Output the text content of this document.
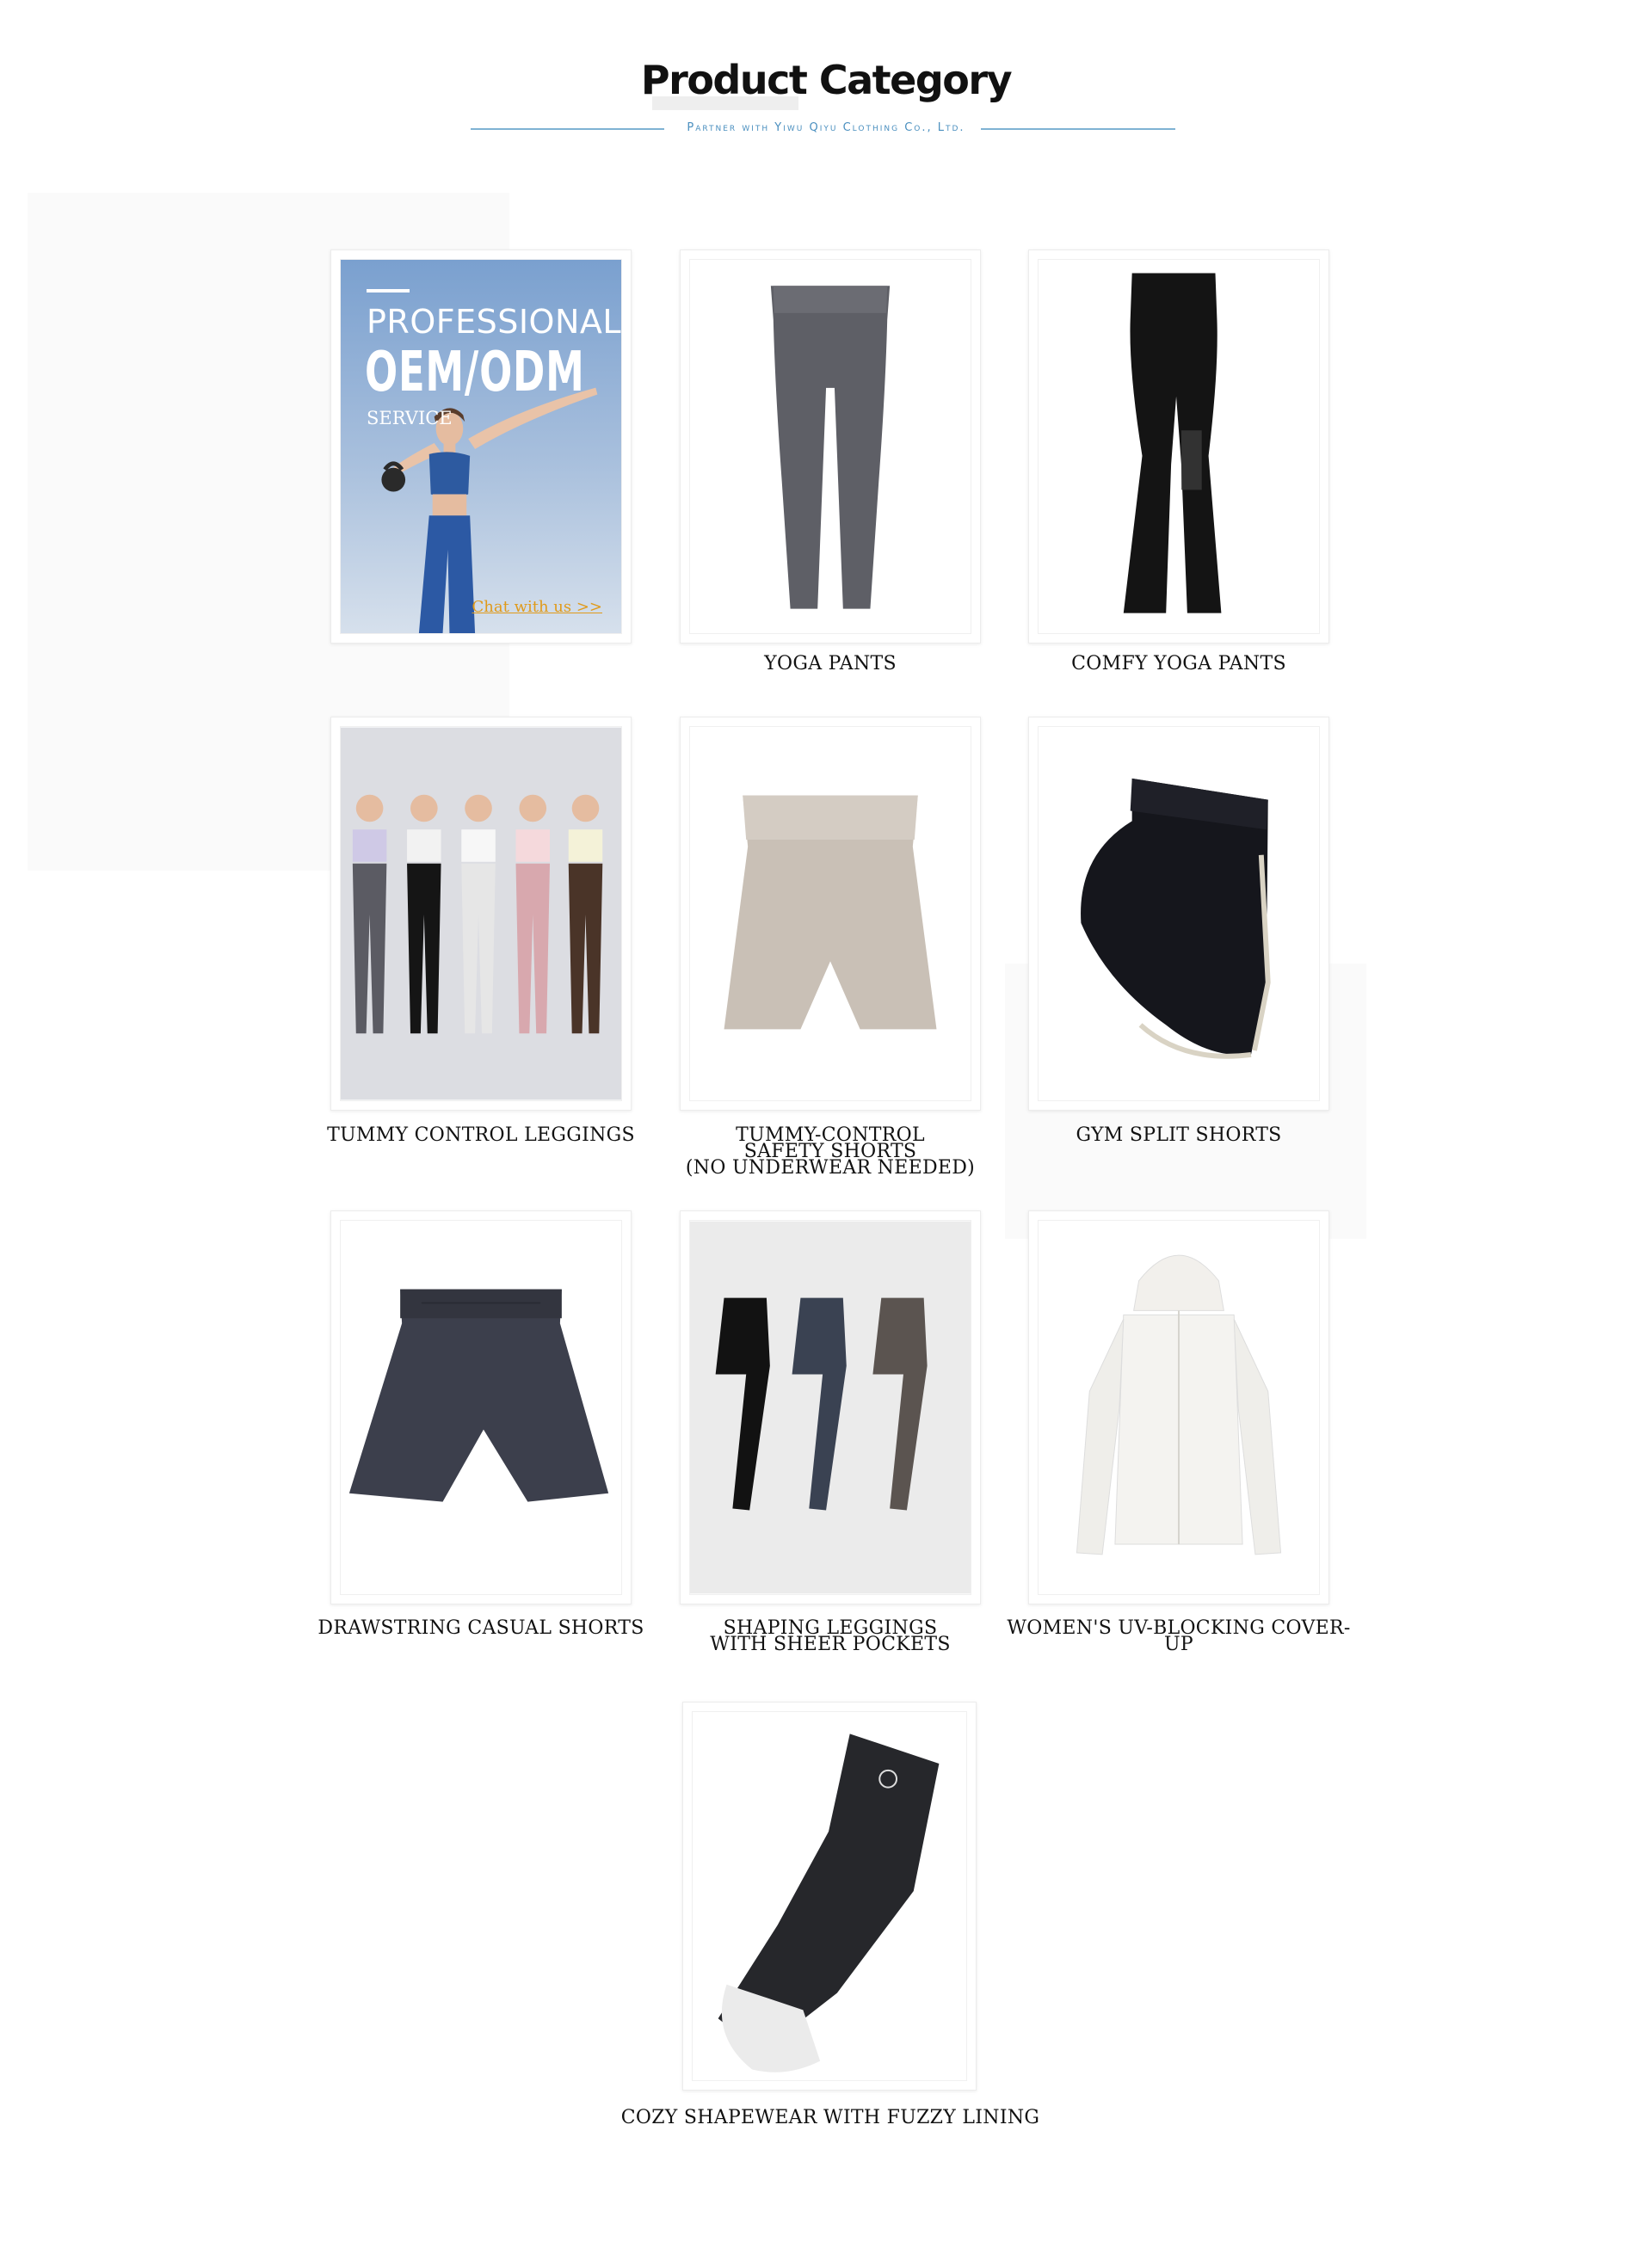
Product Category
Partner with Yiwu Qiyu Clothing Co., Ltd.
PROFESSIONAL
OEM/ODM
SERVICE
Chat with us >>
YOGA PANTS	COMFY YOGA PANTS
TUMMY CONTROL LEGGINGS	TUMMY-CONTROL
SAFETY SHORTS
(NO UNDERWEAR NEEDED)
GYM SPLIT SHORTS
DRAWSTRING CASUAL SHORTS	SHAPING LEGGINGS
WITH SHEER POCKETS
WOMEN'S UV-BLOCKING COVER-UP
COZY SHAPEWEAR WITH FUZZY LINING
